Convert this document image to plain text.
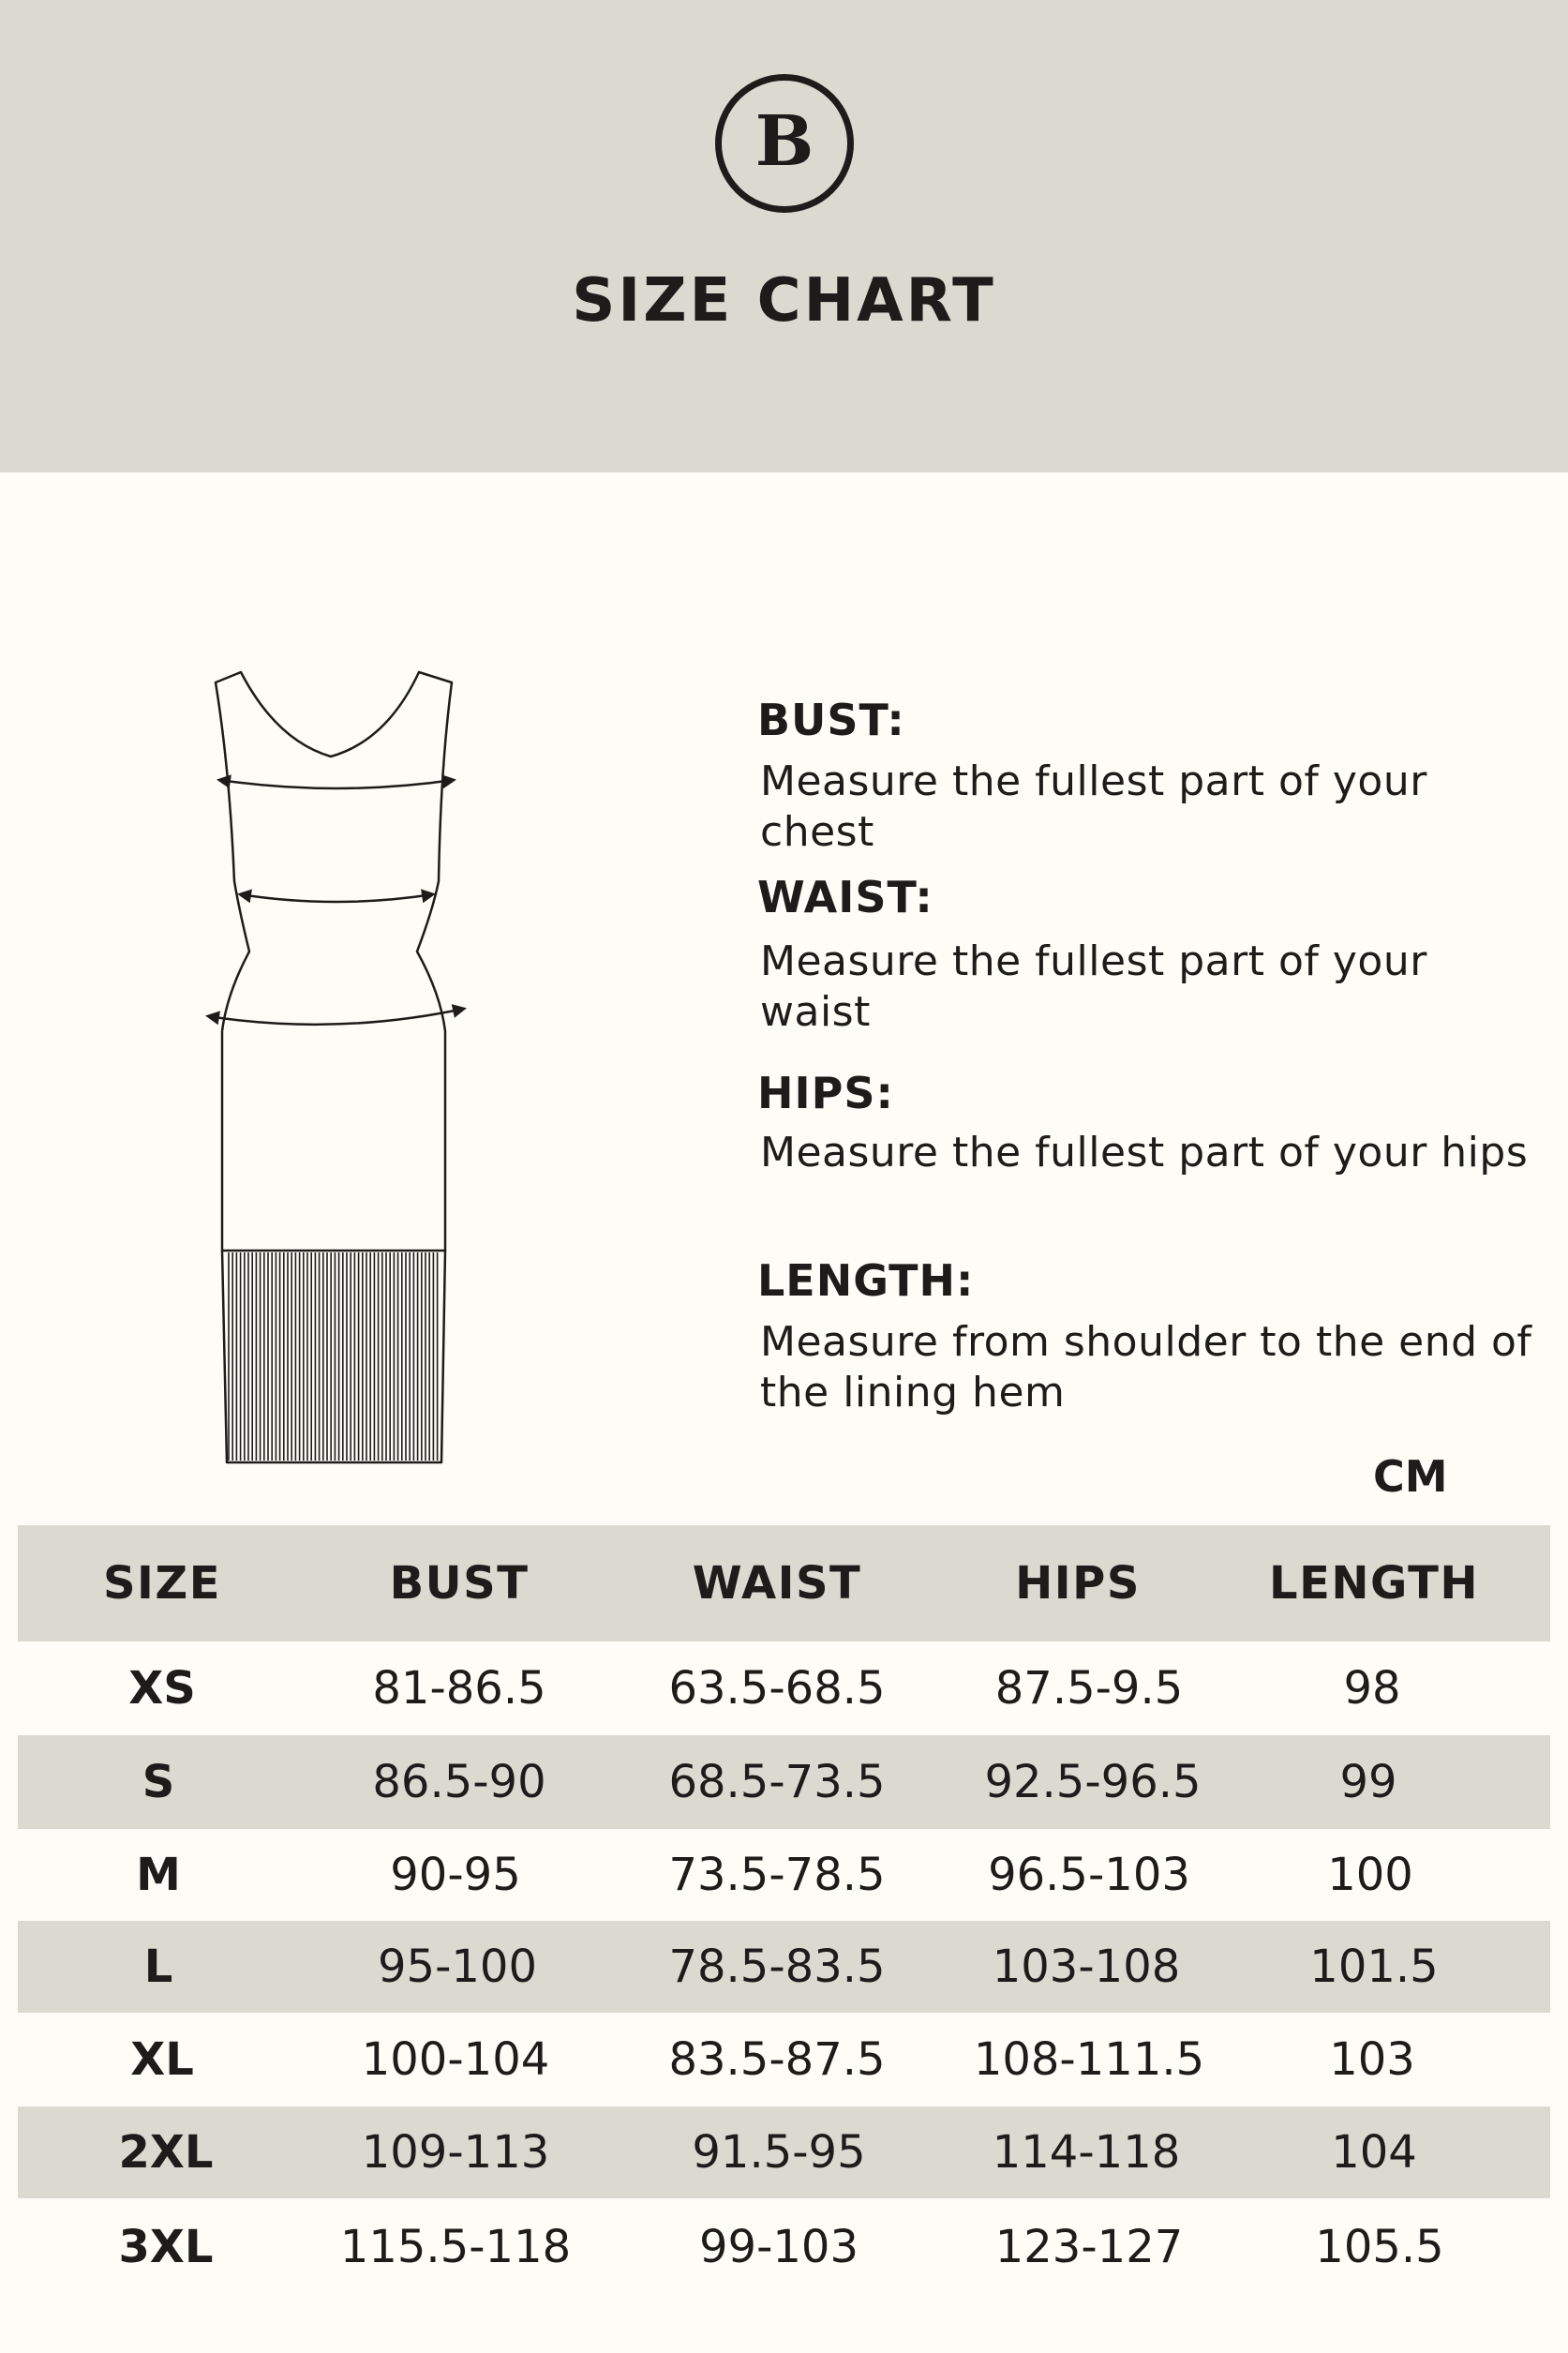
B
SIZE CHART
BUST:
Measure the fullest part of your chest
WAIST:
Measure the fullest part of your waist
HIPS:
Measure the fullest part of your hips
LENGTH:
Measure from shoulder to the end of the lining hem
CM
SIZE	BUST	WAIST	HIPS	LENGTH
XS	81-86.5	63.5-68.5	87.5-9.5	98
S	86.5-90	68.5-73.5	92.5-96.5	99
M	90-95	73.5-78.5	96.5-103	100
L	95-100	78.5-83.5	103-108	101.5
XL	100-104	83.5-87.5	108-111.5	103
2XL	109-113	91.5-95	114-118	104
3XL	115.5-118	99-103	123-127	105.5
